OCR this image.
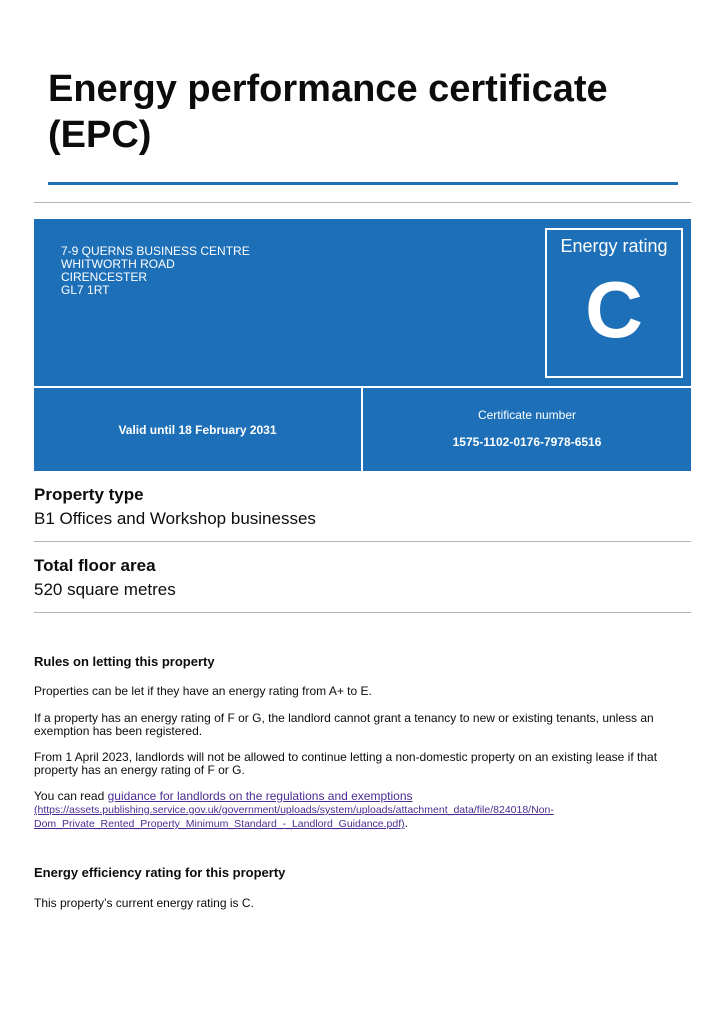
Energy performance certificate (EPC)
7-9 QUERNS BUSINESS CENTRE
WHITWORTH ROAD
CIRENCESTER
GL7 1RT
Energy rating
C
Valid until 18 February 2031
Certificate number
1575-1102-0176-7978-6516
Property type

B1 Offices and Workshop businesses

Total floor area

520 square metres

Rules on letting this property

Properties can be let if they have an energy rating from A+ to E.

If a property has an energy rating of F or G, the landlord cannot grant a tenancy to new or existing tenants, unless an exemption has been registered.

From 1 April 2023, landlords will not be allowed to continue letting a non-domestic property on an existing lease if that property has an energy rating of F or G.

You can read guidance for landlords on the regulations and exemptions
(https://assets.publishing.service.gov.uk/government/uploads/system/uploads/attachment_data/file/824018/Non-Dom_Private_Rented_Property_Minimum_Standard_-_Landlord_Guidance.pdf).

Energy efficiency rating for this property

This property’s current energy rating is C.
